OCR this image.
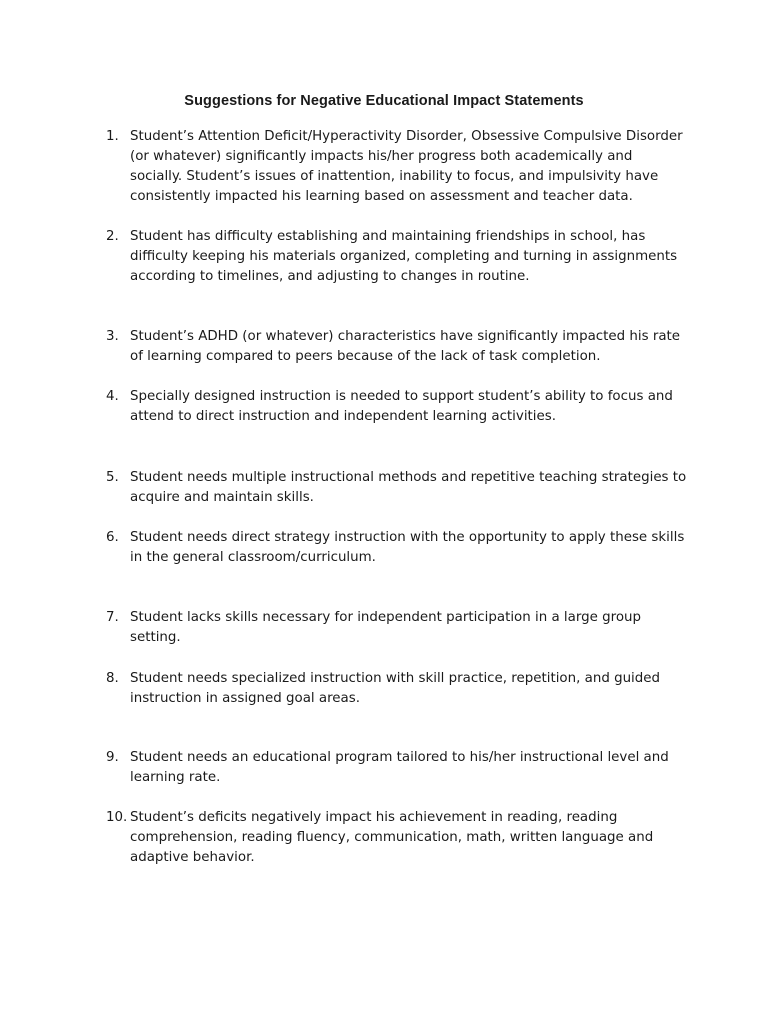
Suggestions for Negative Educational Impact Statements
1. Student’s Attention Deficit/Hyperactivity Disorder, Obsessive Compulsive Disorder
(or whatever) significantly impacts his/her progress both academically and
socially. Student’s issues of inattention, inability to focus, and impulsivity have
consistently impacted his learning based on assessment and teacher data.
2. Student has difficulty establishing and maintaining friendships in school, has
difficulty keeping his materials organized, completing and turning in assignments
according to timelines, and adjusting to changes in routine.
3. Student’s ADHD (or whatever) characteristics have significantly impacted his rate
of learning compared to peers because of the lack of task completion.
4. Specially designed instruction is needed to support student’s ability to focus and
attend to direct instruction and independent learning activities.
5. Student needs multiple instructional methods and repetitive teaching strategies to
acquire and maintain skills.
6. Student needs direct strategy instruction with the opportunity to apply these skills
in the general classroom/curriculum.
7. Student lacks skills necessary for independent participation in a large group
setting.
8. Student needs specialized instruction with skill practice, repetition, and guided
instruction in assigned goal areas.
9. Student needs an educational program tailored to his/her instructional level and
learning rate.
10. Student’s deficits negatively impact his achievement in reading, reading
comprehension, reading fluency, communication, math, written language and
adaptive behavior.
